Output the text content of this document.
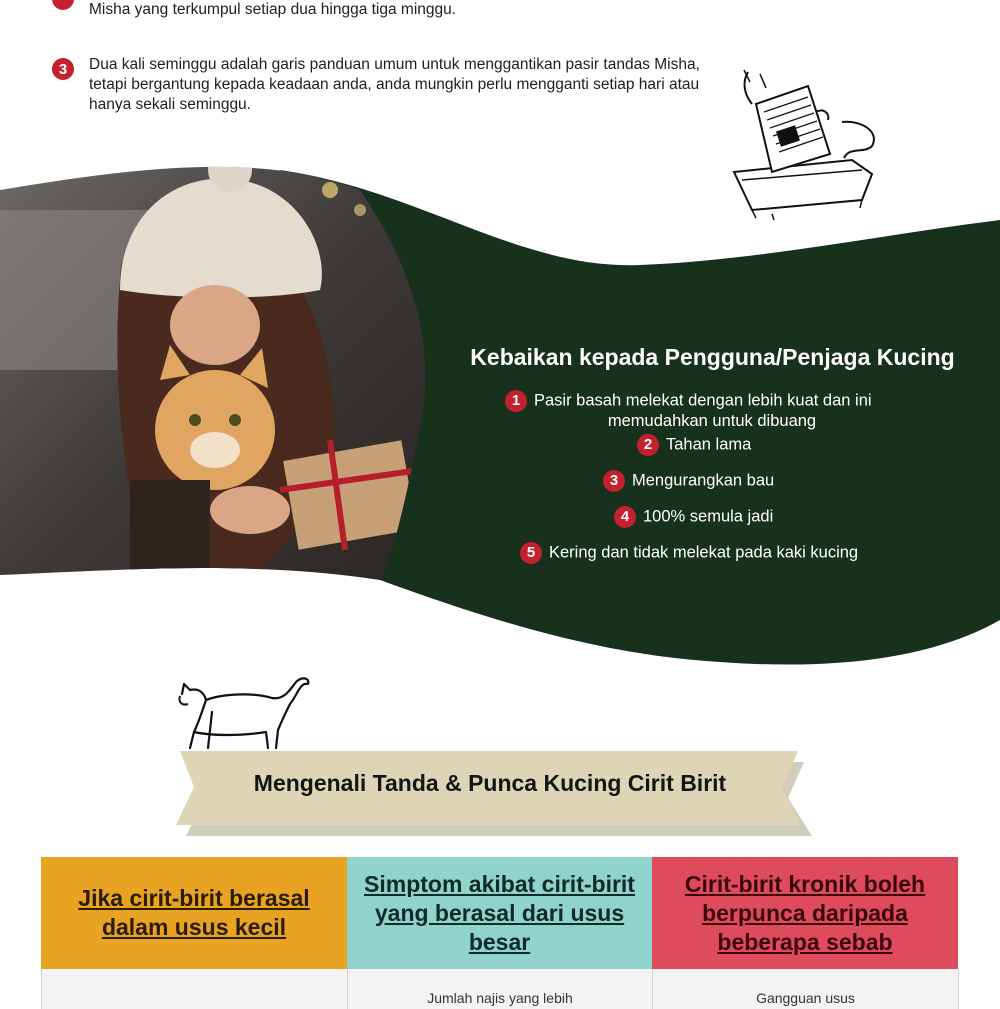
Misha yang terkumpul setiap dua hingga tiga minggu.
3	Dua kali seminggu adalah garis panduan umum untuk menggantikan pasir tandas Misha, tetapi bergantung kepada keadaan anda, anda mungkin perlu mengganti setiap hari atau hanya sekali seminggu.
Kebaikan kepada Pengguna/Penjaga Kucing
1 Pasir basah melekat dengan lebih kuat dan ini
memudahkan untuk dibuang
2 Tahan lama
3 Mengurangkan bau
4 100% semula jadi
5 Kering dan tidak melekat pada kaki kucing
Mengenali Tanda & Punca Kucing Cirit Birit
Jika cirit-birit berasal
dalam usus kecil
Simptom akibat cirit-birit
yang berasal dari usus
besar
Cirit-birit kronik boleh
berpunca daripada
beberapa sebab
Jumlah najis yang lebih	Gangguan usus
